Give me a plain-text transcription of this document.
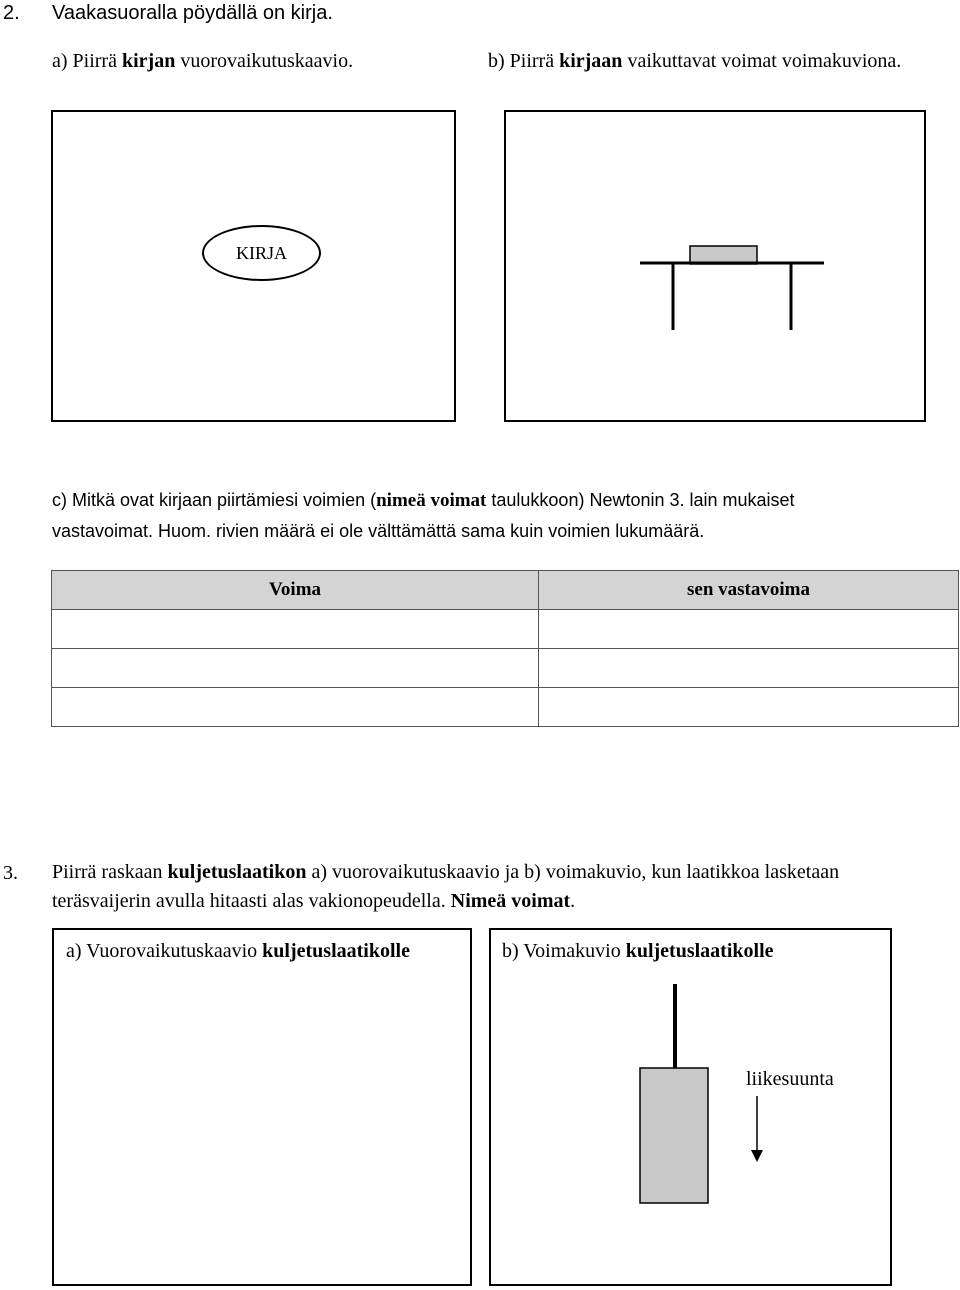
2. Vaakasuoralla pöydällä on kirja.
a) Piirrä kirjan vuorovaikutuskaavio.	b) Piirrä kirjaan vaikuttavat voimat voimakuviona.
KIRJA
c) Mitkä ovat kirjaan piirtämiesi voimien (nimeä voimat taulukkoon) Newtonin 3. lain mukaiset
vastavoimat. Huom. rivien määrä ei ole välttämättä sama kuin voimien lukumäärä.
Voima	sen vastavoima

3. Piirrä raskaan kuljetuslaatikon a) vuorovaikutuskaavio ja b) voimakuvio, kun laatikkoa lasketaan
teräsvaijerin avulla hitaasti alas vakionopeudella. Nimeä voimat.
a) Vuorovaikutuskaavio kuljetuslaatikolle	b) Voimakuvio kuljetuslaatikolle
liikesuunta
